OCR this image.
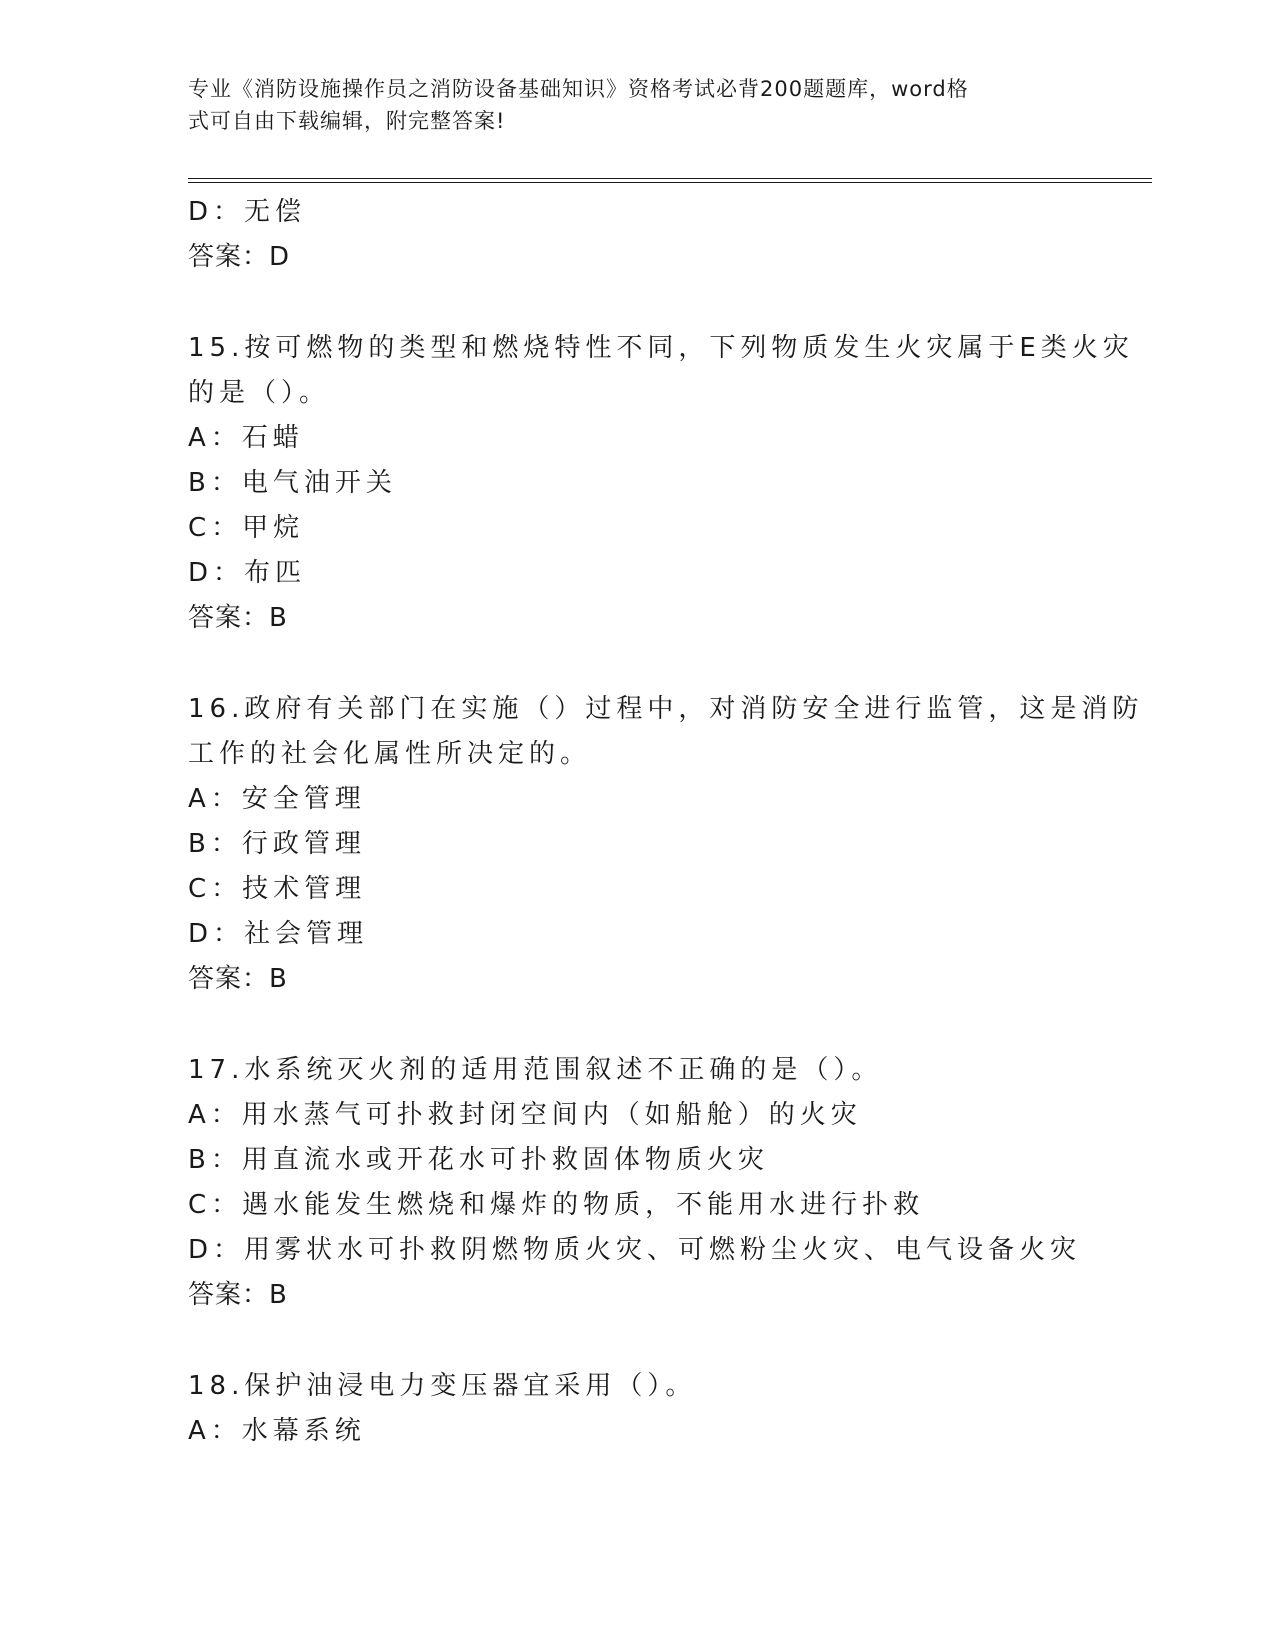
专业《消防设施操作员之消防设备基础知识》资格考试必背200题题库，word格
式可自由下载编辑，附完整答案!
D：无偿
答案：D
15.按可燃物的类型和燃烧特性不同，下列物质发生火灾属于E类火灾
的是（）。
A：石蜡
B：电气油开关
C：甲烷
D：布匹
答案：B
16.政府有关部门在实施（）过程中，对消防安全进行监管，这是消防
工作的社会化属性所决定的。
A：安全管理
B：行政管理
C：技术管理
D：社会管理
答案：B
17.水系统灭火剂的适用范围叙述不正确的是（）。
A：用水蒸气可扑救封闭空间内（如船舱）的火灾
B：用直流水或开花水可扑救固体物质火灾
C：遇水能发生燃烧和爆炸的物质，不能用水进行扑救
D：用雾状水可扑救阴燃物质火灾、可燃粉尘火灾、电气设备火灾
答案：B
18.保护油浸电力变压器宜采用（）。
A：水幕系统
